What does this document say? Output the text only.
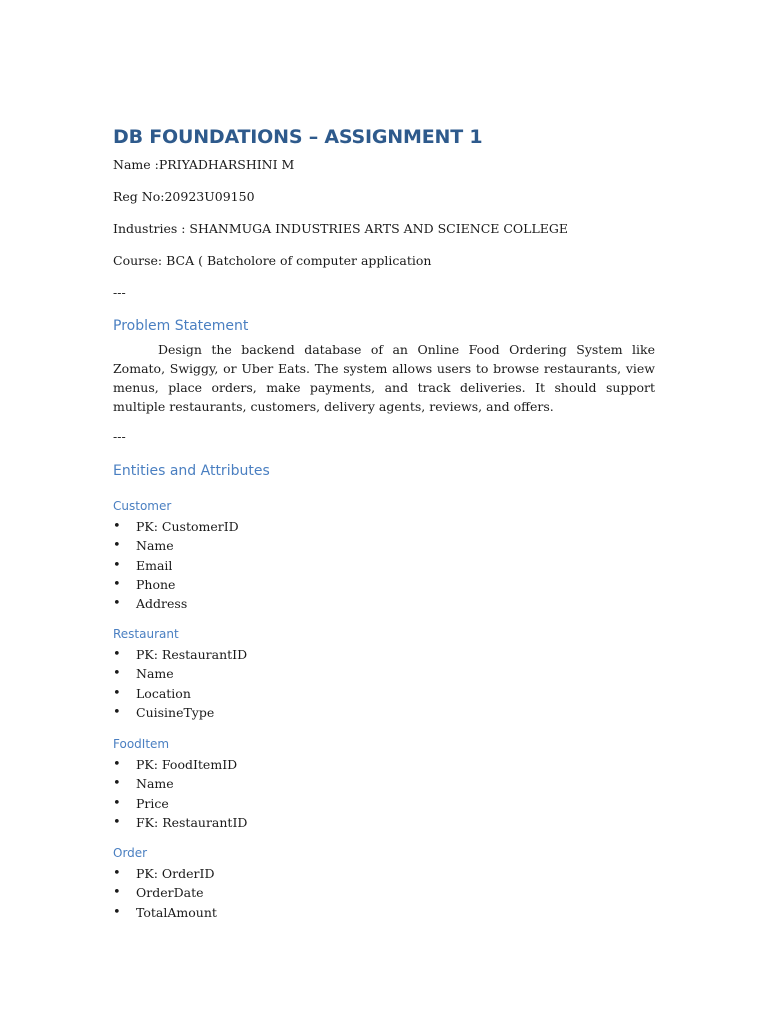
DB FOUNDATIONS – ASSIGNMENT 1
Name :PRIYADHARSHINI M
Reg No:20923U09150
Industries : SHANMUGA INDUSTRIES ARTS AND SCIENCE COLLEGE
Course: BCA ( Batcholore of computer application
---
Problem Statement

Design the backend database of an Online Food Ordering System like Zomato, Swiggy, or Uber Eats. The system allows users to browse restaurants, view menus, place orders, make payments, and track deliveries. It should support multiple restaurants, customers, delivery agents, reviews, and offers.

---
Entities and Attributes
Customer
• PK: CustomerID
• Name
• Email
• Phone
• Address
Restaurant
• PK: RestaurantID
• Name
• Location
• CuisineType
FoodItem
• PK: FoodItemID
• Name
• Price
• FK: RestaurantID
Order
• PK: OrderID
• OrderDate
• TotalAmount
